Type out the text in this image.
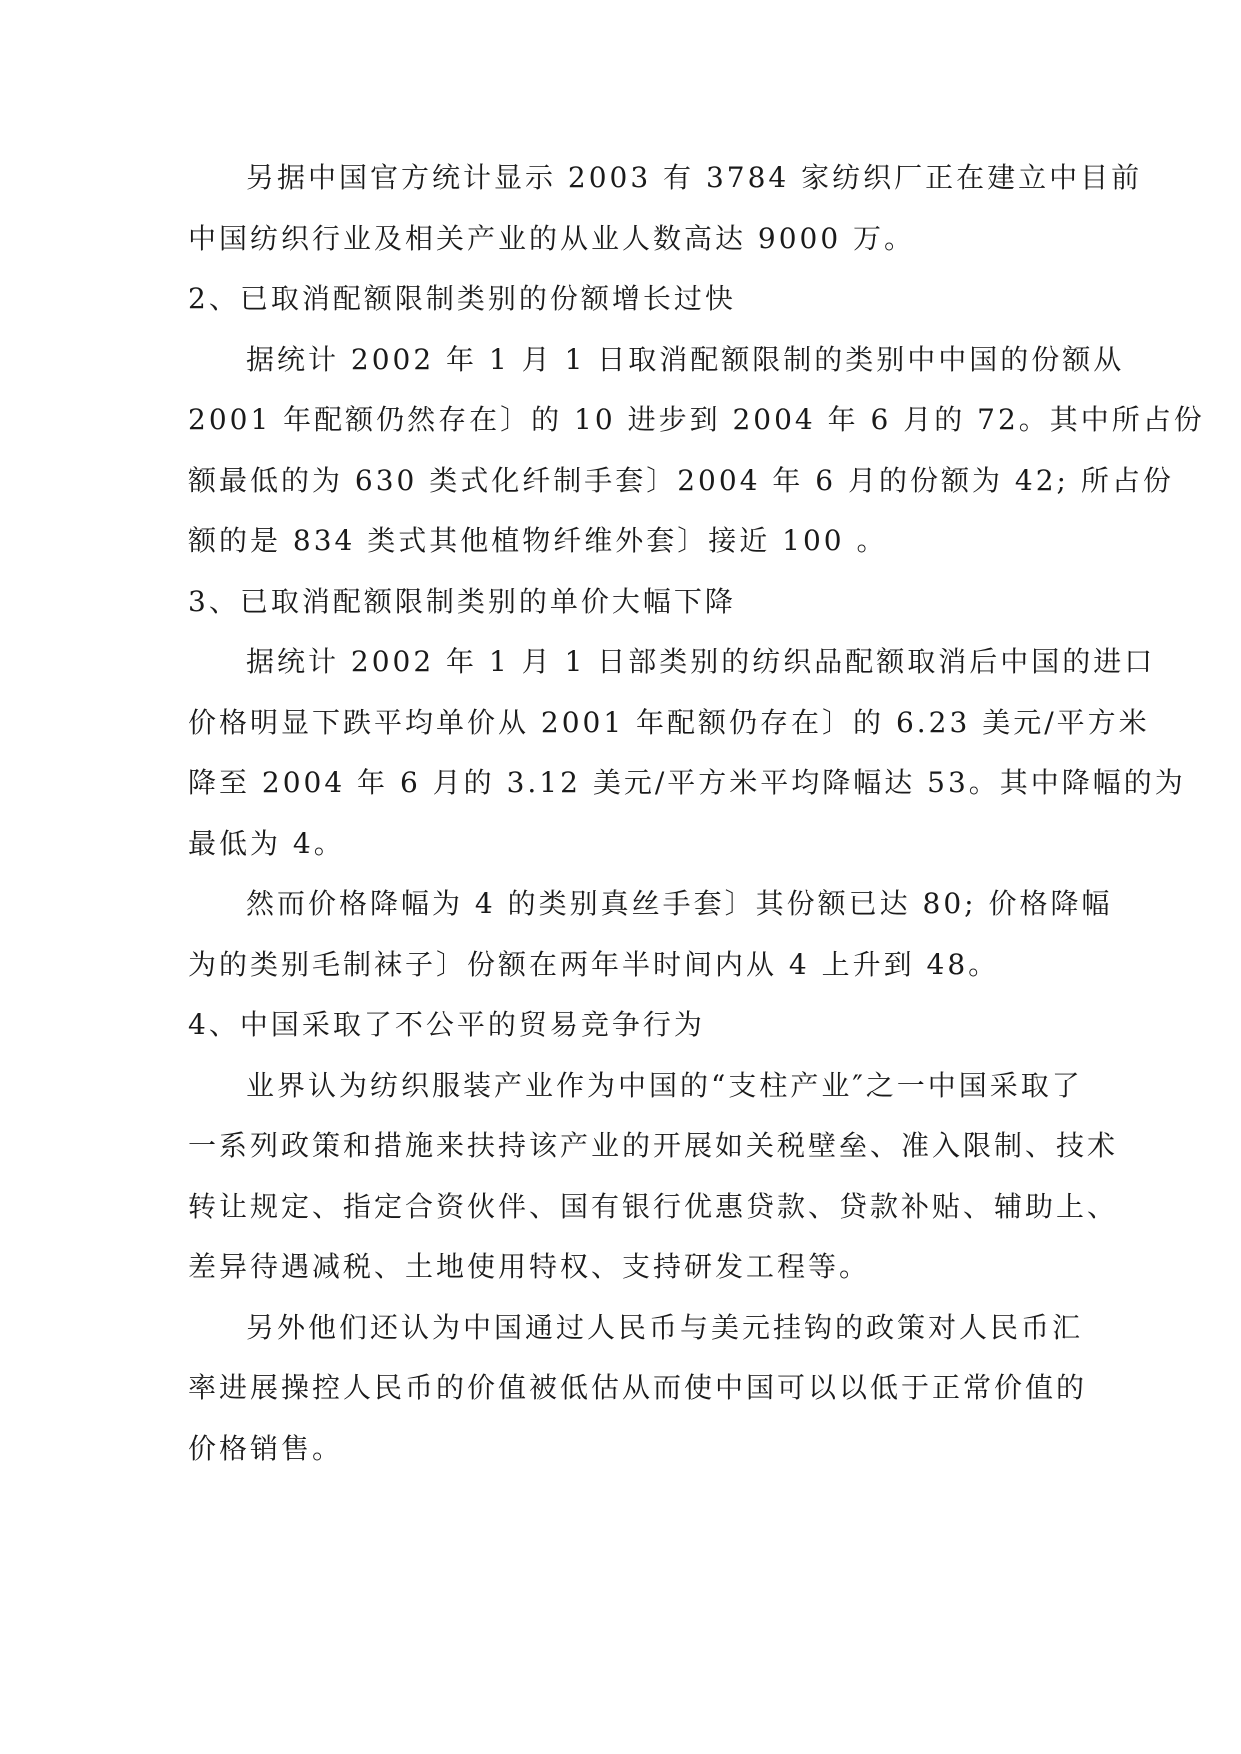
另据中国官方统计显示 2003 有 3784 家纺织厂正在建立中目前
中国纺织行业及相关产业的从业人数高达 9000 万。
2、已取消配额限制类别的份额增长过快
据统计 2002 年 1 月 1 日取消配额限制的类别中中国的份额从
2001 年配额仍然存在〕的 10 进步到 2004 年 6 月的 72。其中所占份
额最低的为 630 类式化纤制手套〕2004 年 6 月的份额为 42; 所占份
额的是 834 类式其他植物纤维外套〕接近 100 。
3、已取消配额限制类别的单价大幅下降
据统计 2002 年 1 月 1 日部类别的纺织品配额取消后中国的进口
价格明显下跌平均单价从 2001 年配额仍存在〕的 6.23 美元/平方米
降至 2004 年 6 月的 3.12 美元/平方米平均降幅达 53。其中降幅的为
最低为 4。
然而价格降幅为 4 的类别真丝手套〕其份额已达 80; 价格降幅
为的类别毛制袜子〕份额在两年半时间内从 4 上升到 48。
4、中国采取了不公平的贸易竞争行为
业界认为纺织服装产业作为中国的“支柱产业″之一中国采取了
一系列政策和措施来扶持该产业的开展如关税壁垒、准入限制、技术
转让规定、指定合资伙伴、国有银行优惠贷款、贷款补贴、辅助上、
差异待遇减税、土地使用特权、支持研发工程等。
另外他们还认为中国通过人民币与美元挂钩的政策对人民币汇
率进展操控人民币的价值被低估从而使中国可以以低于正常价值的
价格销售。
